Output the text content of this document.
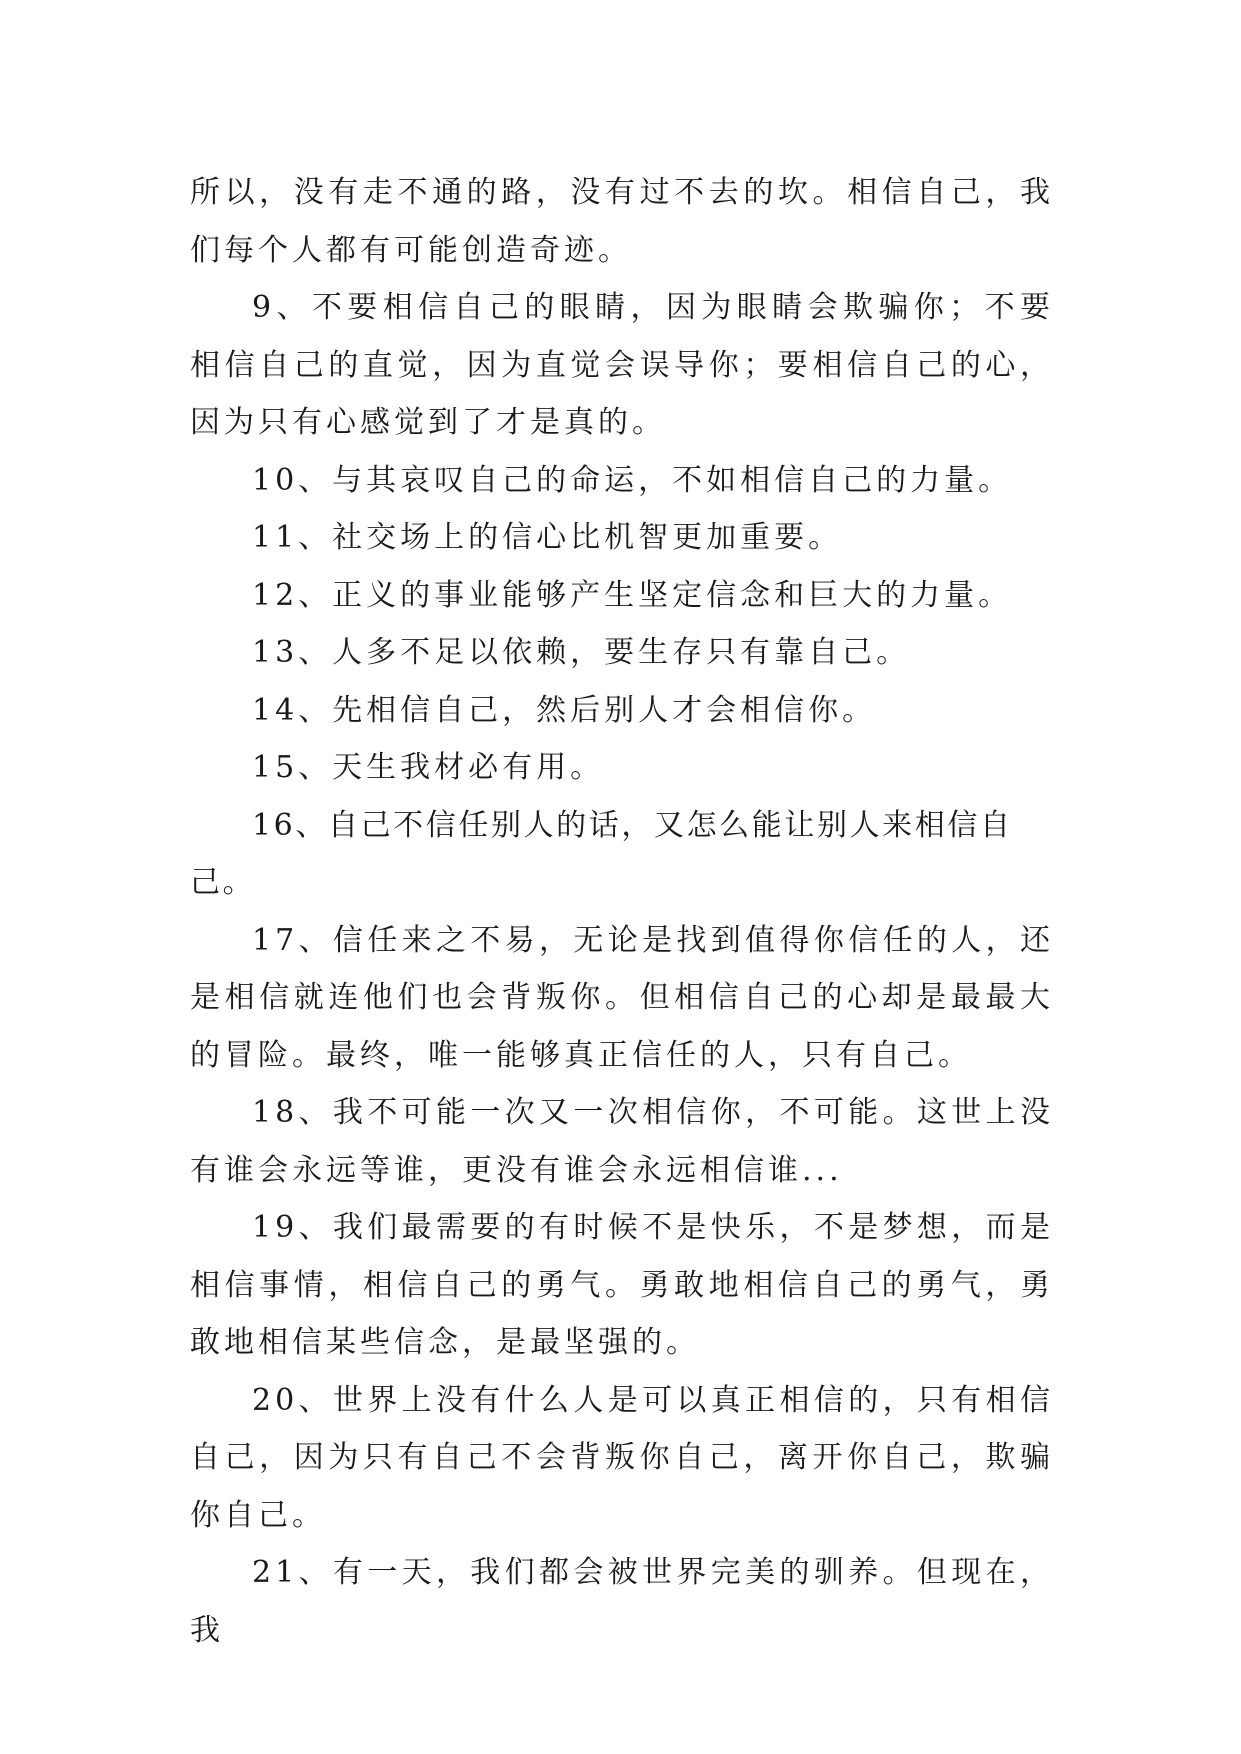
所以，没有走不通的路，没有过不去的坎。相信自己，我们每个人都有可能创造奇迹。

9、不要相信自己的眼睛，因为眼睛会欺骗你；不要相信自己的直觉，因为直觉会误导你；要相信自己的心，因为只有心感觉到了才是真的。

10、与其哀叹自己的命运，不如相信自己的力量。

11、社交场上的信心比机智更加重要。

12、正义的事业能够产生坚定信念和巨大的力量。

13、人多不足以依赖，要生存只有靠自己。

14、先相信自己，然后别人才会相信你。

15、天生我材必有用。

16、自己不信任别人的话，又怎么能让别人来相信自己。

17、信任来之不易，无论是找到值得你信任的人，还是相信就连他们也会背叛你。但相信自己的心却是最最大的冒险。最终，唯一能够真正信任的人，只有自己。

18、我不可能一次又一次相信你，不可能。这世上没有谁会永远等谁，更没有谁会永远相信谁...

19、我们最需要的有时候不是快乐，不是梦想，而是相信事情，相信自己的勇气。勇敢地相信自己的勇气，勇敢地相信某些信念，是最坚强的。

20、世界上没有什么人是可以真正相信的，只有相信自己，因为只有自己不会背叛你自己，离开你自己，欺骗你自己。

21、有一天，我们都会被世界完美的驯养。但现在，我
